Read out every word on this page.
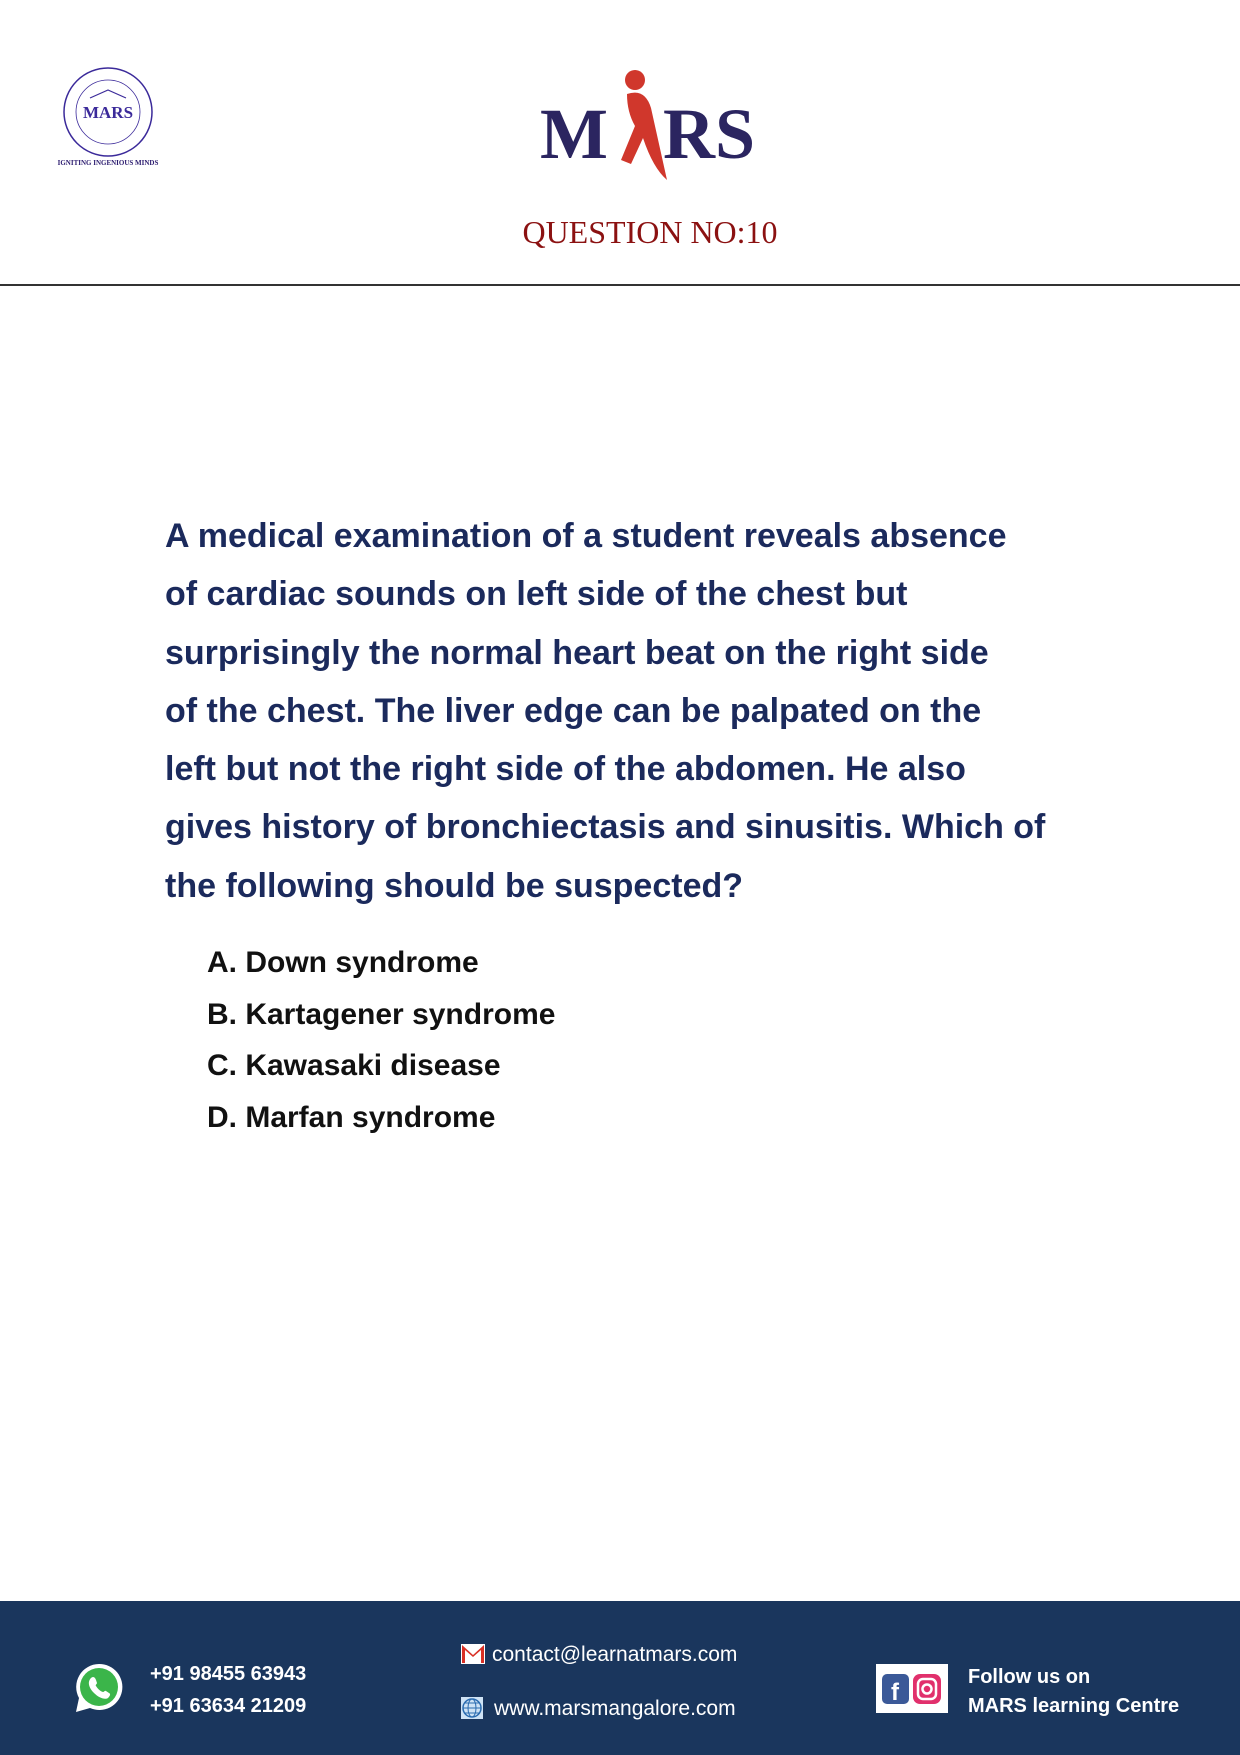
MARS
IGNITING INGENIOUS MINDS	M RS
QUESTION NO:10
A medical examination of a student reveals absence
of cardiac sounds on left side of the chest but
surprisingly the normal heart beat on the right side
of the chest. The liver edge can be palpated on the
left but not the right side of the abdomen. He also
gives history of bronchiectasis and sinusitis. Which of
the following should be suspected?
A. Down syndrome
B. Kartagener syndrome
C. Kawasaki disease
D. Marfan syndrome
+91 98455 63943
+91 63634 21209
contact@learnatmars.com
www.marsmangalore.com
f
Follow us on
MARS learning Centre
